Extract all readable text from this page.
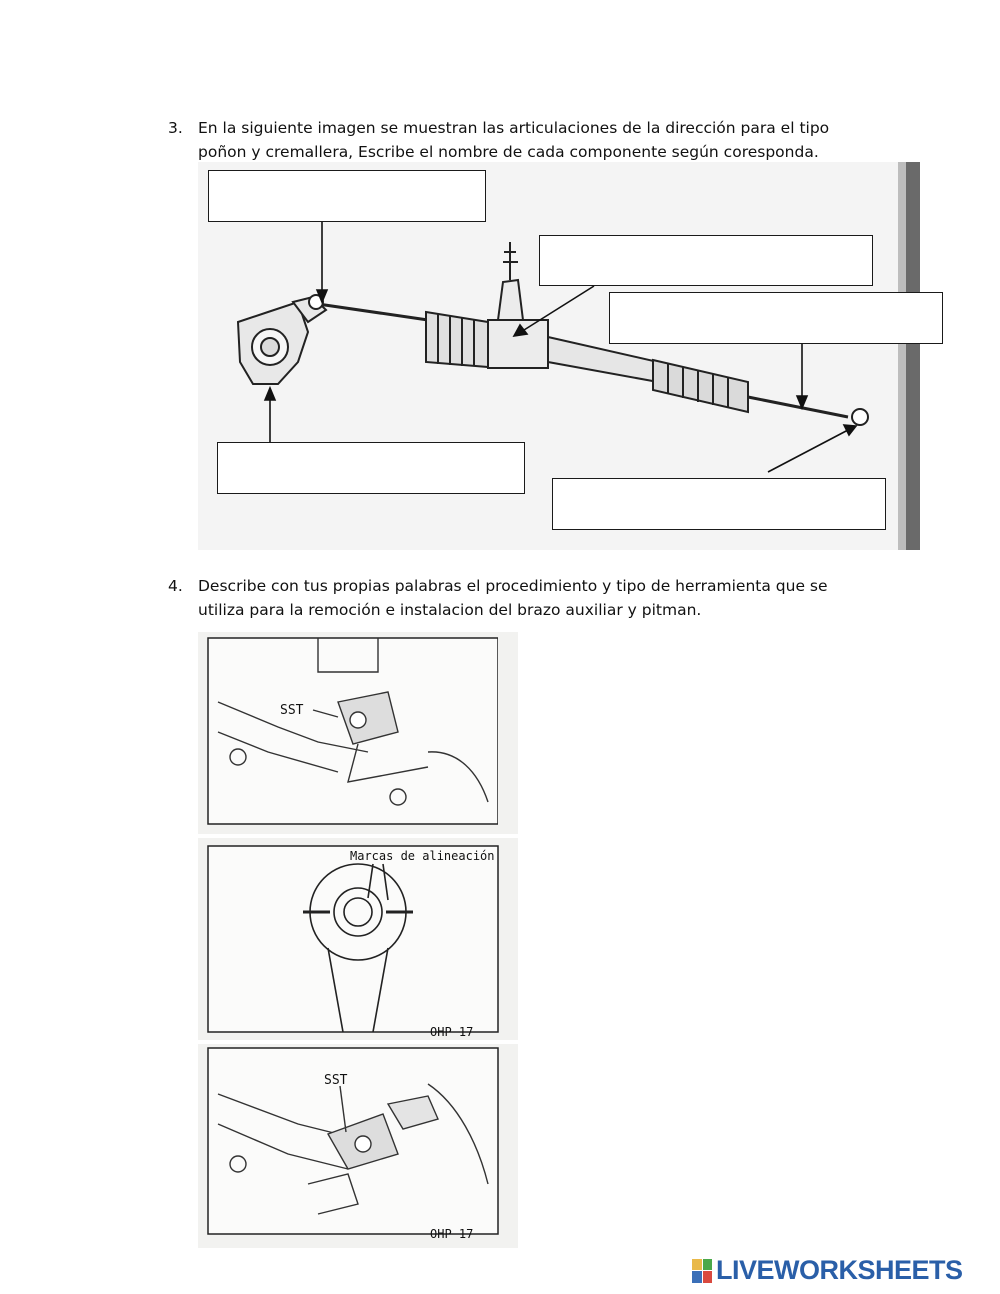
3. En la siguiente imagen se muestran las articulaciones de la dirección para el tipo poñon y cremallera, Escribe el nombre de cada componente según coresponda.
4. Describe con tus propias palabras el procedimiento y tipo de herramienta que se utiliza para la remoción e instalacion del brazo auxiliar y pitman.
SST
Marcas de alineación
OHP 17
SST
OHP 17
LIVEWORKSHEETS
